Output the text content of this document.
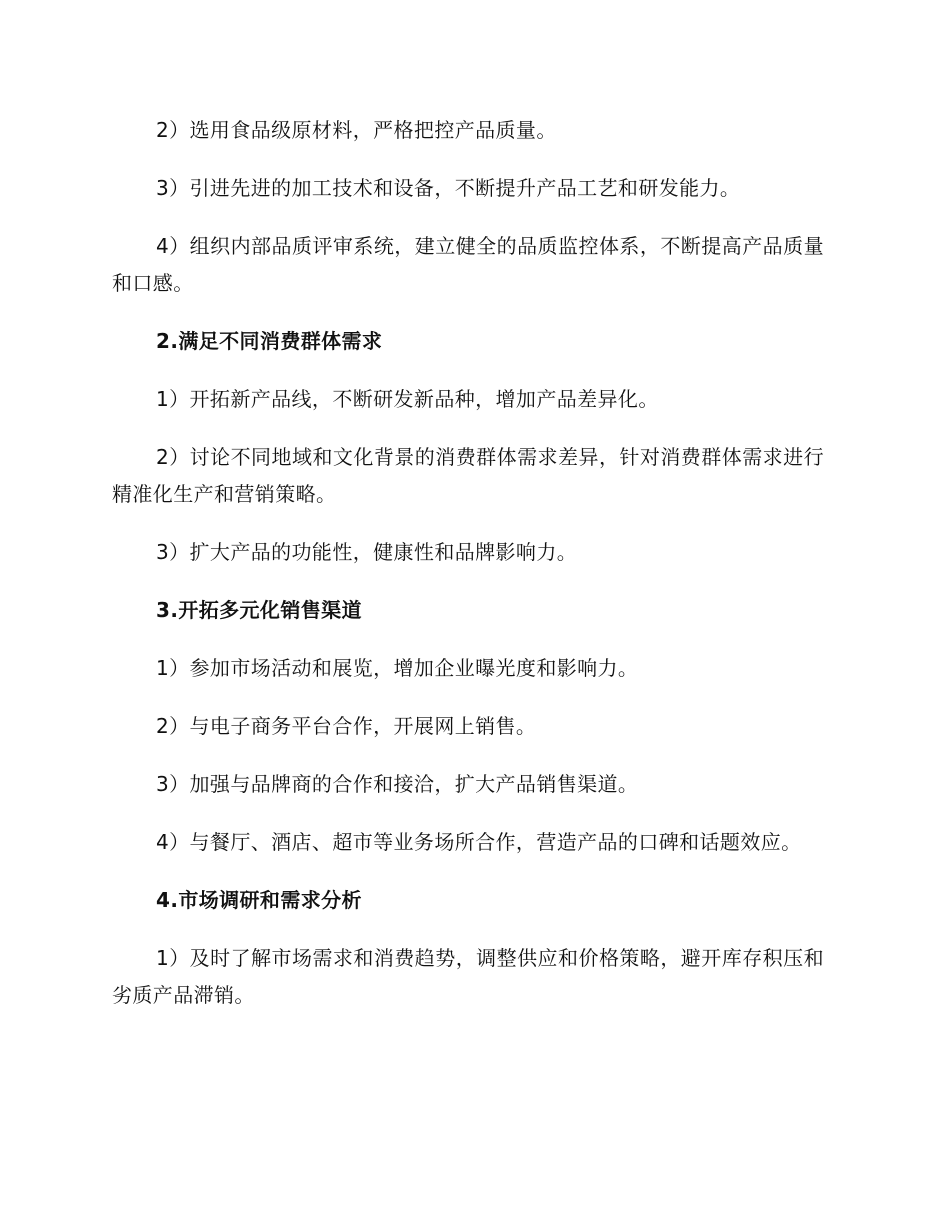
2）选用食品级原材料，严格把控产品质量。

3）引进先进的加工技术和设备，不断提升产品工艺和研发能力。

4）组织内部品质评审系统，建立健全的品质监控体系，不断提高产品质量和口感。

2.满足不同消费群体需求

1）开拓新产品线，不断研发新品种，增加产品差异化。

2）讨论不同地域和文化背景的消费群体需求差异，针对消费群体需求进行精准化生产和营销策略。

3）扩大产品的功能性，健康性和品牌影响力。

3.开拓多元化销售渠道

1）参加市场活动和展览，增加企业曝光度和影响力。

2）与电子商务平台合作，开展网上销售。

3）加强与品牌商的合作和接洽，扩大产品销售渠道。

4）与餐厅、酒店、超市等业务场所合作，营造产品的口碑和话题效应。

4.市场调研和需求分析

1）及时了解市场需求和消费趋势，调整供应和价格策略，避开库存积压和劣质产品滞销。
